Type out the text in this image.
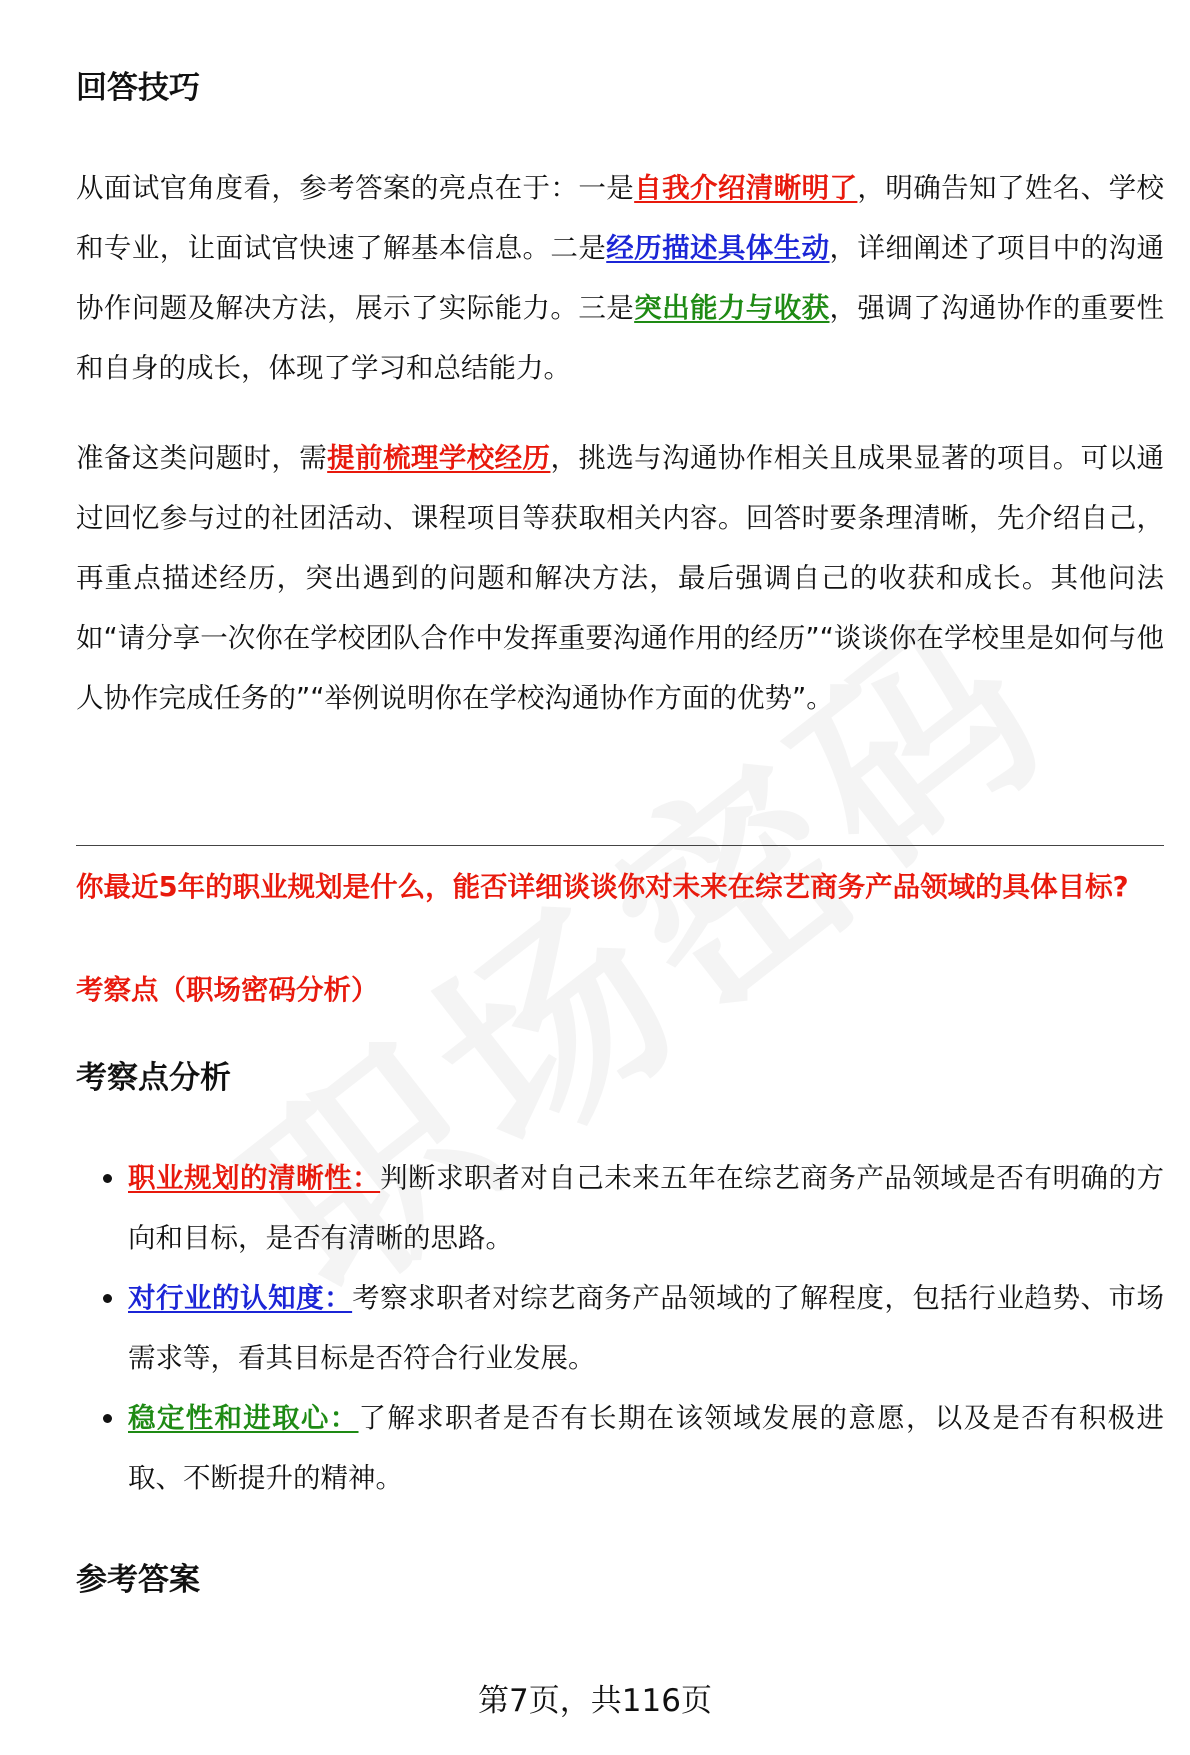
回答技巧

从面试官角度看，参考答案的亮点在于：一是自我介绍清晰明了，明确告知了姓名、学校和专业，让面试官快速了解基本信息。二是经历描述具体生动，详细阐述了项目中的沟通协作问题及解决方法，展示了实际能力。三是突出能力与收获，强调了沟通协作的重要性和自身的成长，体现了学习和总结能力。

准备这类问题时，需提前梳理学校经历，挑选与沟通协作相关且成果显著的项目。可以通过回忆参与过的社团活动、课程项目等获取相关内容。回答时要条理清晰，先介绍自己，再重点描述经历，突出遇到的问题和解决方法，最后强调自己的收获和成长。其他问法如“请分享一次你在学校团队合作中发挥重要沟通作用的经历”“谈谈你在学校里是如何与他人协作完成任务的”“举例说明你在学校沟通协作方面的优势”。

你最近5年的职业规划是什么，能否详细谈谈你对未来在综艺商务产品领域的具体目标?

考察点（职场密码分析）

考察点分析
职业规划的清晰性：判断求职者对自己未来五年在综艺商务产品领域是否有明确的方向和目标，是否有清晰的思路。
对行业的认知度：考察求职者对综艺商务产品领域的了解程度，包括行业趋势、市场需求等，看其目标是否符合行业发展。
稳定性和进取心：了解求职者是否有长期在该领域发展的意愿，以及是否有积极进取、不断提升的精神。
参考答案
第7页，共116页
